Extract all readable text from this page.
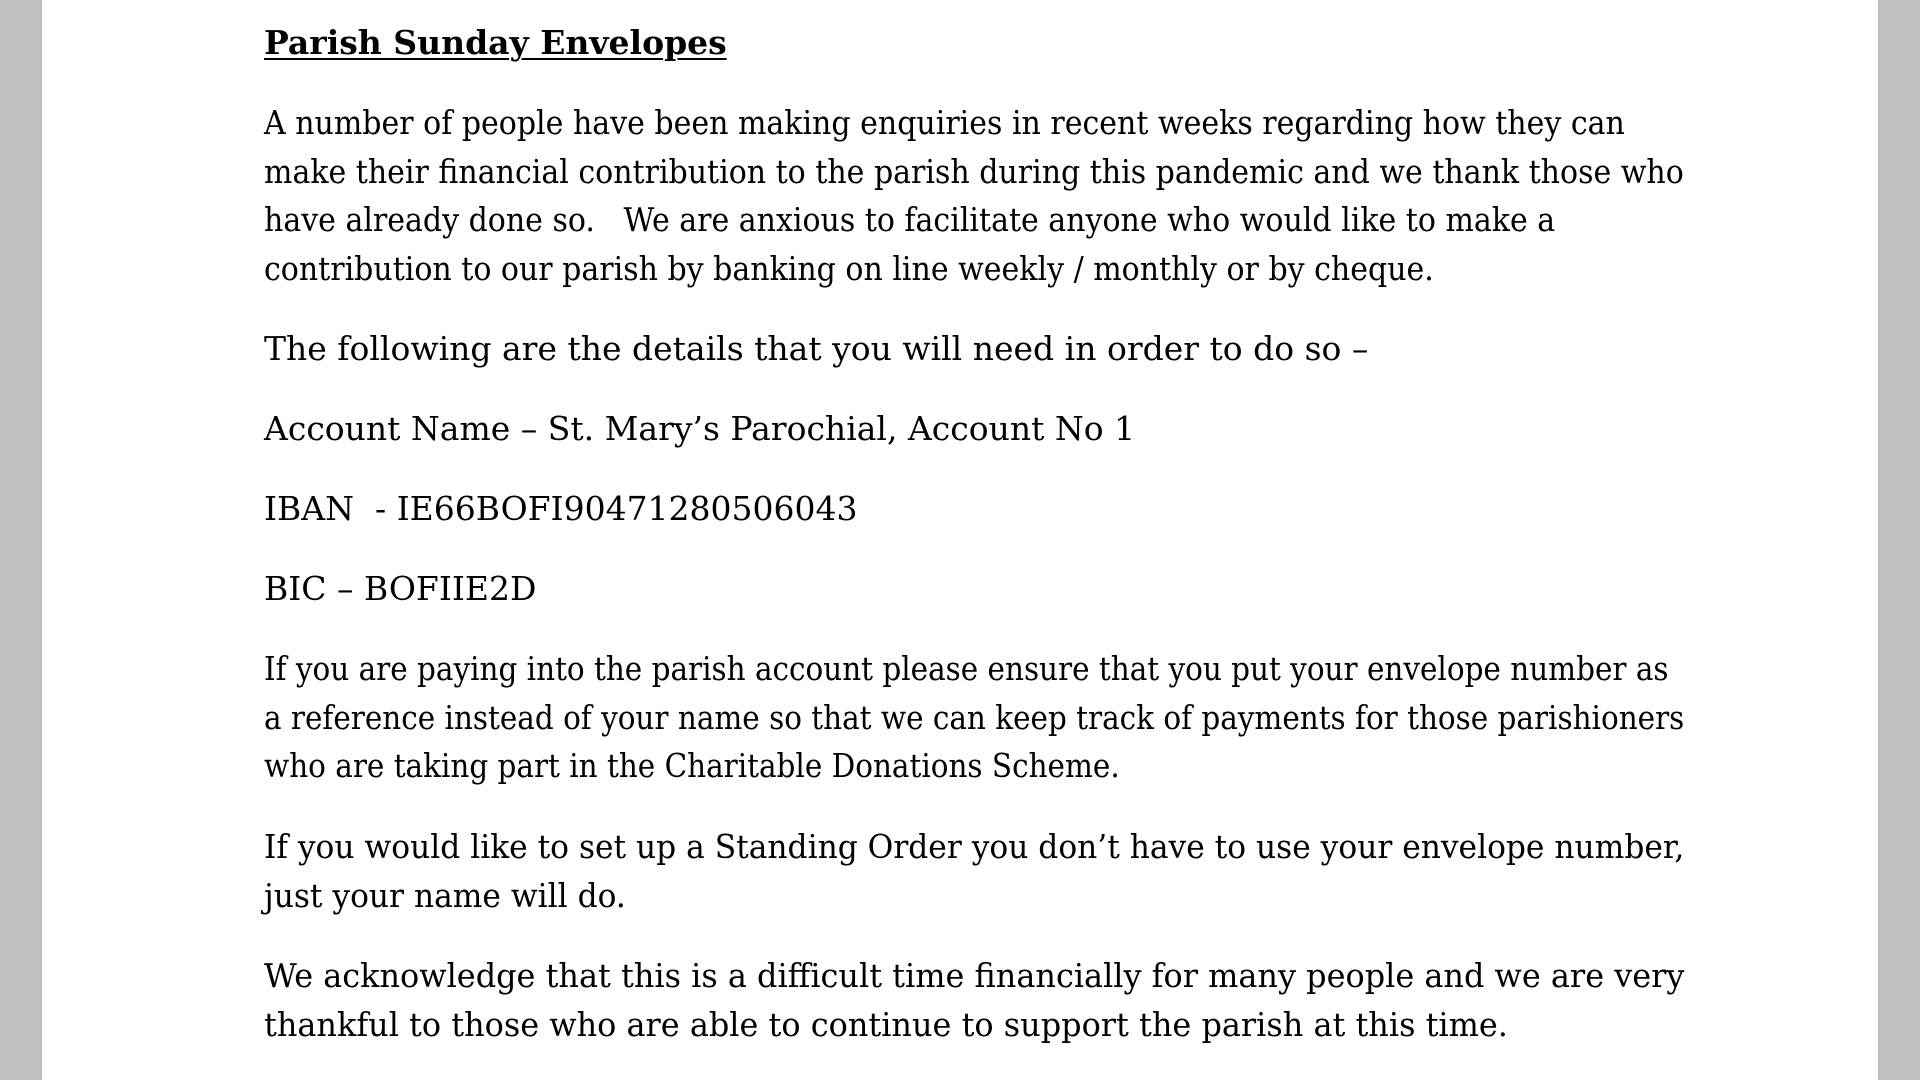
Parish Sunday Envelopes

A number of people have been making enquiries in recent weeks regarding how they can
make their financial contribution to the parish during this pandemic and we thank those who
have already done so.   We are anxious to facilitate anyone who would like to make a
contribution to our parish by banking on line weekly / monthly or by cheque.

The following are the details that you will need in order to do so –

Account Name – St. Mary’s Parochial, Account No 1

IBAN  - IE66BOFI90471280506043

BIC – BOFIIE2D

If you are paying into the parish account please ensure that you put your envelope number as
a reference instead of your name so that we can keep track of payments for those parishioners
who are taking part in the Charitable Donations Scheme.

If you would like to set up a Standing Order you don’t have to use your envelope number,
just your name will do.

We acknowledge that this is a difficult time financially for many people and we are very
thankful to those who are able to continue to support the parish at this time.
